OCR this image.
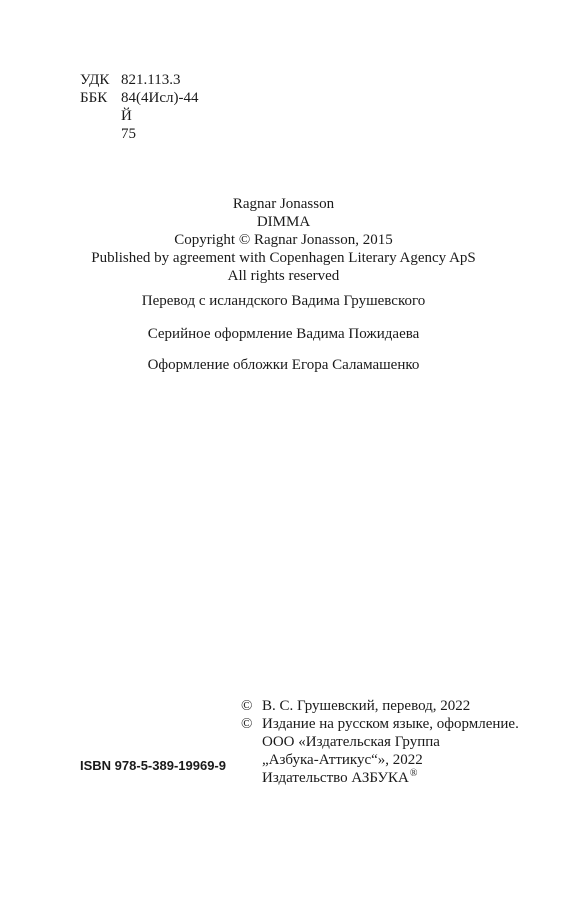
УДК 821.113.3
ББК 84(4Исл)-44
Й 75
Ragnar Jonasson
DIMMA
Copyright © Ragnar Jonasson, 2015
Published by agreement with Copenhagen Literary Agency ApS
All rights reserved
Перевод с исландского Вадима Грушевского
Серийное оформление Вадима Пожидаева
Оформление обложки Егора Саламашенко
© В. С. Грушевский, перевод, 2022
© Издание на русском языке, оформление.
ООО «Издательская Группа
„Азбука-Аттикус“», 2022
Издательство АЗБУКА®
ISBN 978-5-389-19969-9
